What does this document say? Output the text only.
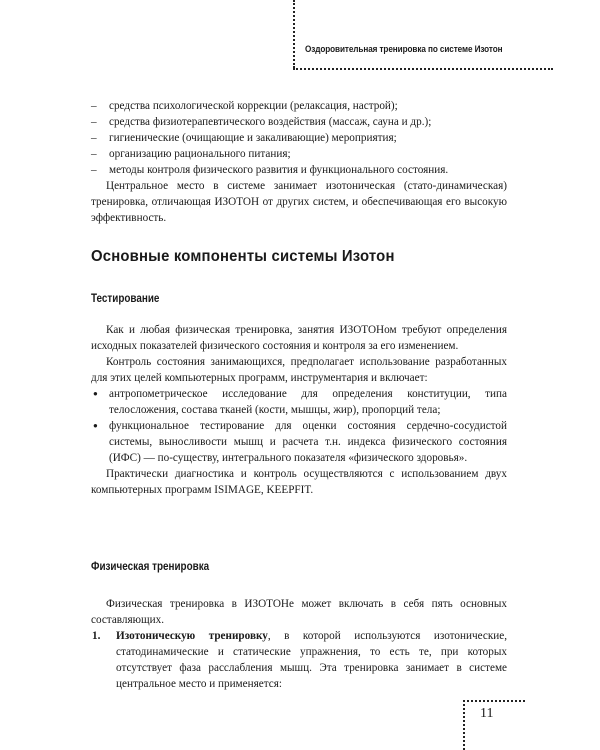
Оздоровительная тренировка по системе Изотон
–	средства психологической коррекции (релаксация, настрой);
–	средства физиотерапевтического воздействия (массаж, сауна и др.);
–	гигиенические (очищающие и закаливающие) мероприятия;
–	организацию рационального питания;
–	методы контроля физического развития и функционального состояния.

Центральное место в системе занимает изотоническая (стато-динамическая) тренировка, отличающая ИЗОТОН от других систем, и обеспечивающая его высокую эффективность.

Основные компоненты системы Изотон
Тестирование

Как и любая физическая тренировка, занятия ИЗОТОНом требуют определения исходных показателей физического состояния и контроля за его изменением.

Контроль состояния занимающихся, предполагает использование разработанных для этих целей компьютерных программ, инструментария и включает:

● антропометрическое исследование для определения конституции, типа телосложения, состава тканей (кости, мышцы, жир), пропорций тела;
● функциональное тестирование для оценки состояния сердечно-сосудистой системы, выносливости мышц и расчета т.н. индекса физического состояния (ИФС) — по-существу, интегрального показателя «физического здоровья».

Практически диагностика и контроль осуществляются с использованием двух компьютерных программ ISIMAGE, KEEPFIT.

Физическая тренировка

Физическая тренировка в ИЗОТОНе может включать в себя пять основных составляющих.

1.	Изотоническую тренировку, в которой используются изотонические, статодинамические и статические упражнения, то есть те, при которых отсутствует фаза расслабления мышц. Эта тренировка занимает в системе центральное место и применяется:
11
